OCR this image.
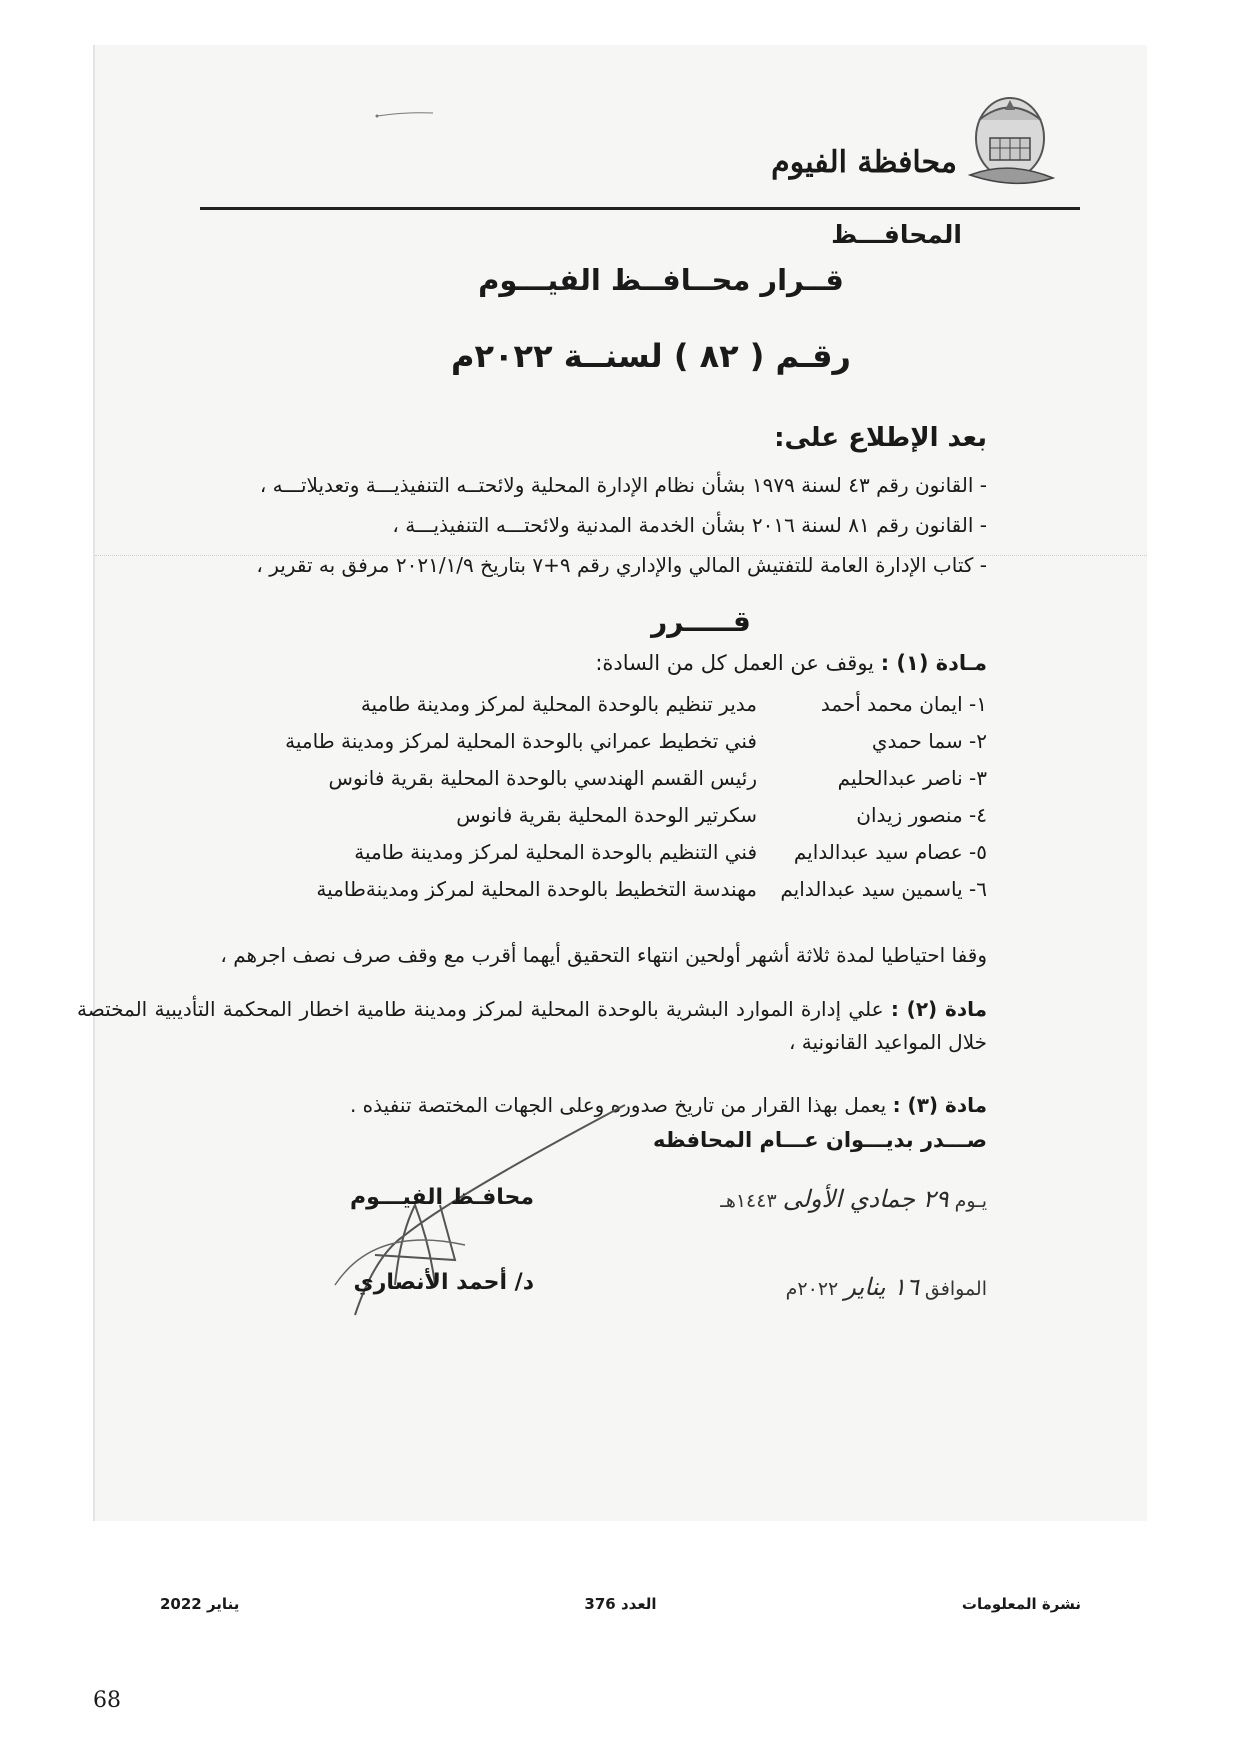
محافظة الفيوم
المحافـــظ
قــرار محــافــظ الفيـــوم
رقـم ( ٨٢ ) لسنــة ٢٠٢٢م
بعد الإطلاع على:
- القانون رقم ٤٣ لسنة ١٩٧٩ بشأن نظام الإدارة المحلية ولائحتــه التنفيذيـــة وتعديلاتـــه ،
- القانون رقم ٨١ لسنة ٢٠١٦ بشأن الخدمة المدنية ولائحتـــه التنفيذيـــة ،
- كتاب الإدارة العامة للتفتيش المالي والإداري رقم ٩+٧ بتاريخ ٢٠٢١/١/٩ مرفق به تقرير ،
قـــــرر
مـادة (١) : يوقف عن العمل كل من السادة:
١- ايمان محمد أحمد	مدير تنظيم بالوحدة المحلية لمركز ومدينة طامية
٢- سما حمدي	فني تخطيط عمراني بالوحدة المحلية لمركز ومدينة طامية
٣- ناصر عبدالحليم	رئيس القسم الهندسي بالوحدة المحلية بقرية فانوس
٤- منصور زيدان	سكرتير الوحدة المحلية بقرية فانوس
٥- عصام سيد عبدالدايم	فني التنظيم بالوحدة المحلية لمركز ومدينة طامية
٦- ياسمين سيد عبدالدايم	مهندسة التخطيط بالوحدة المحلية لمركز ومدينةطامية
وقفا احتياطيا لمدة ثلاثة أشهر أولحين انتهاء التحقيق أيهما أقرب مع وقف صرف نصف اجرهم ،
مادة (٢) : علي إدارة الموارد البشرية بالوحدة المحلية لمركز ومدينة طامية اخطار المحكمة التأديبية المختصة خلال المواعيد القانونية ،
مادة (٣) : يعمل بهذا القرار من تاريخ صدوره وعلى الجهات المختصة تنفيذه .
صـــدر بديـــوان عـــام المحافظه
يـوم ٢٩ جمادي الأولى ١٤٤٣هـ
الموافق ١٦ يناير ٢٠٢٢م
محافـظ الفيـــوم
د/ أحمد الأنصاري
نشرة المعلومات
العدد 376
يناير 2022
68
